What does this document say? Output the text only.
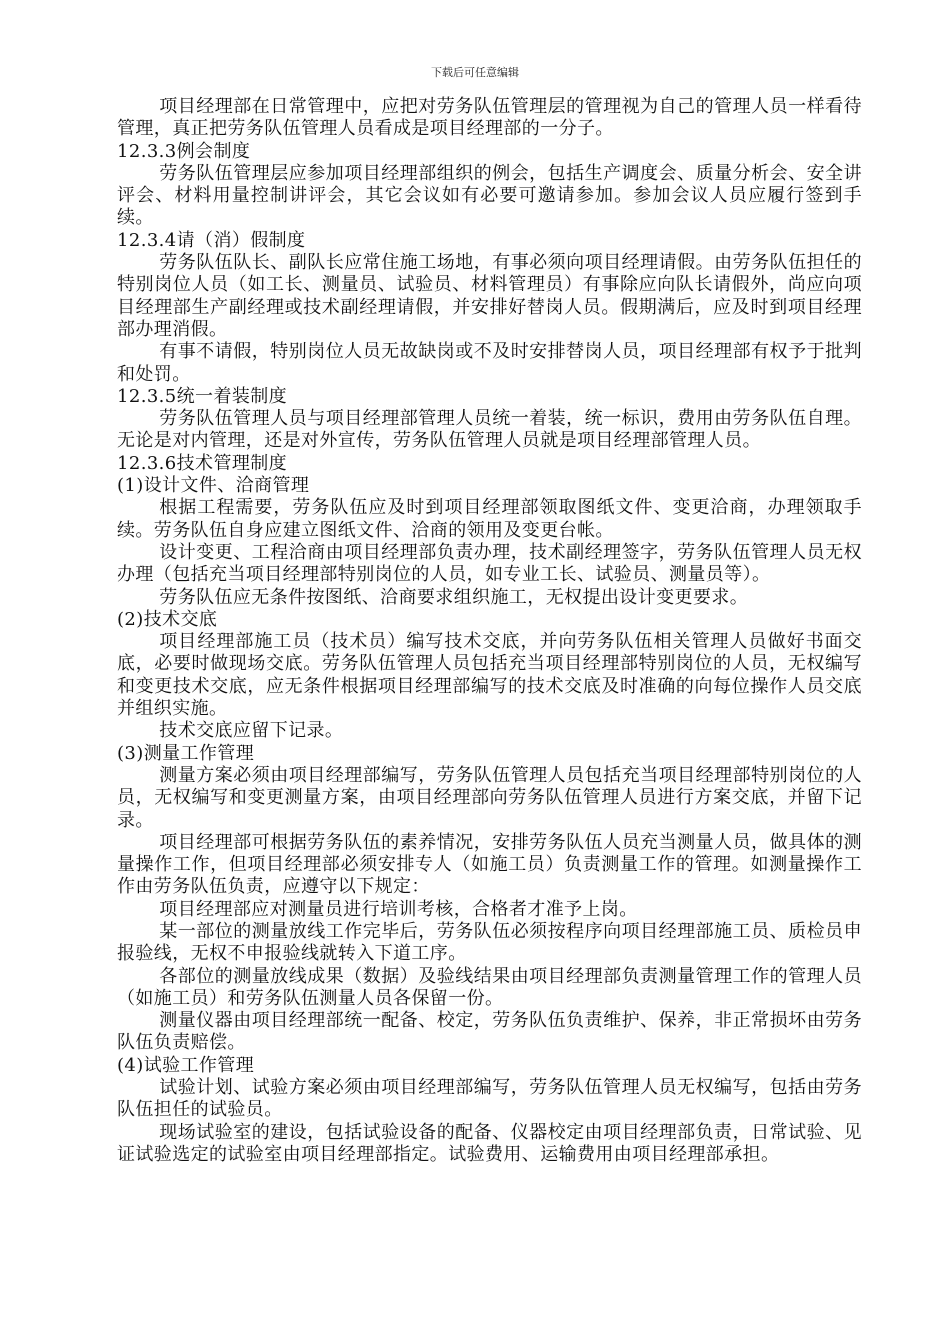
下载后可任意编辑

项目经理部在日常管理中，应把对劳务队伍管理层的管理视为自己的管理人员一样看待管理，真正把劳务队伍管理人员看成是项目经理部的一分子。

12.3.3例会制度

劳务队伍管理层应参加项目经理部组织的例会，包括生产调度会、质量分析会、安全讲评会、材料用量控制讲评会，其它会议如有必要可邀请参加。参加会议人员应履行签到手续。

12.3.4请（消）假制度

劳务队伍队长、副队长应常住施工场地，有事必须向项目经理请假。由劳务队伍担任的特别岗位人员（如工长、测量员、试验员、材料管理员）有事除应向队长请假外，尚应向项目经理部生产副经理或技术副经理请假，并安排好替岗人员。假期满后，应及时到项目经理部办理消假。

有事不请假，特别岗位人员无故缺岗或不及时安排替岗人员，项目经理部有权予于批判和处罚。

12.3.5统一着装制度

劳务队伍管理人员与项目经理部管理人员统一着装，统一标识，费用由劳务队伍自理。无论是对内管理，还是对外宣传，劳务队伍管理人员就是项目经理部管理人员。

12.3.6技术管理制度

(1)设计文件、洽商管理

根据工程需要，劳务队伍应及时到项目经理部领取图纸文件、变更洽商，办理领取手续。劳务队伍自身应建立图纸文件、洽商的领用及变更台帐。

设计变更、工程洽商由项目经理部负责办理，技术副经理签字，劳务队伍管理人员无权办理（包括充当项目经理部特别岗位的人员，如专业工长、试验员、测量员等）。

劳务队伍应无条件按图纸、洽商要求组织施工，无权提出设计变更要求。

(2)技术交底

项目经理部施工员（技术员）编写技术交底，并向劳务队伍相关管理人员做好书面交底，必要时做现场交底。劳务队伍管理人员包括充当项目经理部特别岗位的人员，无权编写和变更技术交底，应无条件根据项目经理部编写的技术交底及时准确的向每位操作人员交底并组织实施。

技术交底应留下记录。

(3)测量工作管理

测量方案必须由项目经理部编写，劳务队伍管理人员包括充当项目经理部特别岗位的人员，无权编写和变更测量方案，由项目经理部向劳务队伍管理人员进行方案交底，并留下记录。

项目经理部可根据劳务队伍的素养情况，安排劳务队伍人员充当测量人员，做具体的测量操作工作，但项目经理部必须安排专人（如施工员）负责测量工作的管理。如测量操作工作由劳务队伍负责，应遵守以下规定：

项目经理部应对测量员进行培训考核，合格者才准予上岗。

某一部位的测量放线工作完毕后，劳务队伍必须按程序向项目经理部施工员、质检员申报验线，无权不申报验线就转入下道工序。

各部位的测量放线成果（数据）及验线结果由项目经理部负责测量管理工作的管理人员（如施工员）和劳务队伍测量人员各保留一份。

测量仪器由项目经理部统一配备、校定，劳务队伍负责维护、保养，非正常损坏由劳务队伍负责赔偿。

(4)试验工作管理

试验计划、试验方案必须由项目经理部编写，劳务队伍管理人员无权编写，包括由劳务队伍担任的试验员。

现场试验室的建设，包括试验设备的配备、仪器校定由项目经理部负责，日常试验、见证试验选定的试验室由项目经理部指定。试验费用、运输费用由项目经理部承担。
